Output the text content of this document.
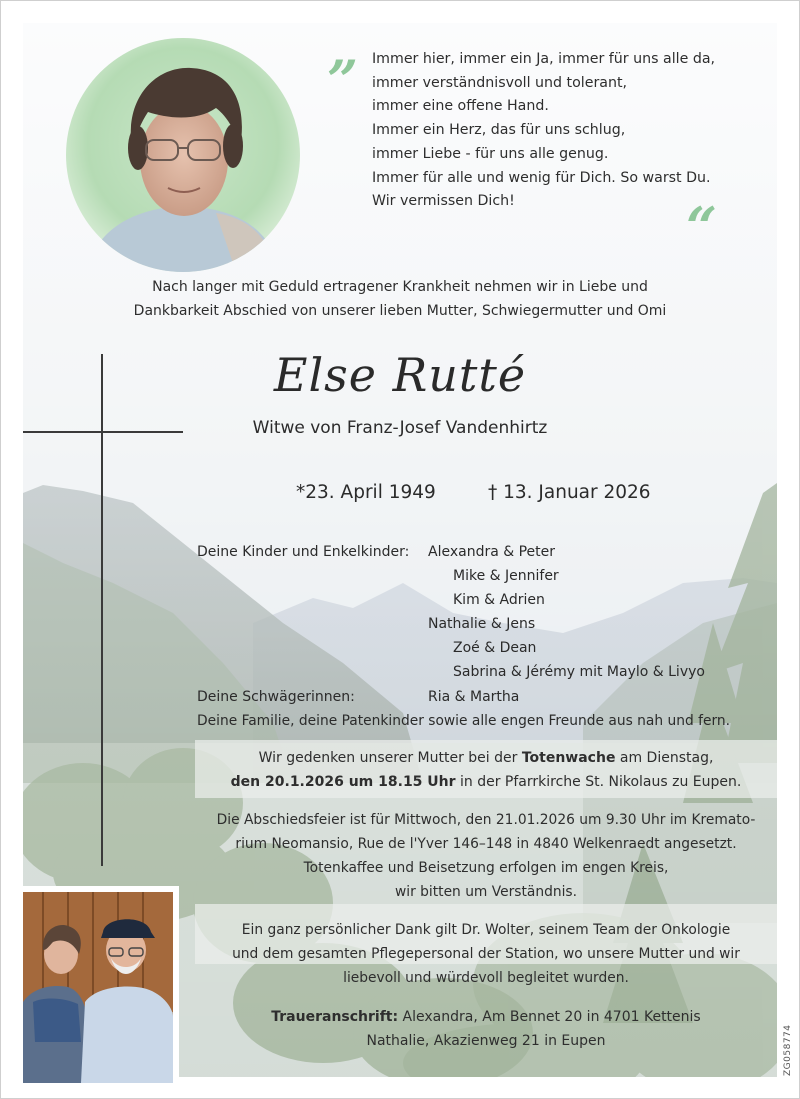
„
“
Immer hier, immer ein Ja, immer für uns alle da,
immer verständnisvoll und tolerant,
immer eine offene Hand.
Immer ein Herz, das für uns schlug,
immer Liebe - für uns alle genug.
Immer für alle und wenig für Dich. So warst Du.
Wir vermissen Dich!
Nach langer mit Geduld ertragener Krankheit nehmen wir in Liebe und
Dankbarkeit Abschied von unserer lieben Mutter, Schwiegermutter und Omi
Else Rutté
Witwe von Franz-Josef Vandenhirtz
*23. April 1949	† 13. Januar 2026
Deine Kinder und Enkelkinder: Alexandra & Peter
Mike & Jennifer
Kim & Adrien
Nathalie & Jens
Zoé & Dean
Sabrina & Jérémy mit Maylo & Livyo
Deine Schwägerinnen:	Ria & Martha
Deine Familie, deine Patenkinder sowie alle engen Freunde aus nah und fern.
Wir gedenken unserer Mutter bei der Totenwache am Dienstag,
den 20.1.2026 um 18.15 Uhr in der Pfarrkirche St. Nikolaus zu Eupen.
Die Abschiedsfeier ist für Mittwoch, den 21.01.2026 um 9.30 Uhr im Kremato-
rium Neomansio, Rue de l'Yver 146–148 in 4840 Welkenraedt angesetzt.
Totenkaffee und Beisetzung erfolgen im engen Kreis,
wir bitten um Verständnis.
Ein ganz persönlicher Dank gilt Dr. Wolter, seinem Team der Onkologie
und dem gesamten Pflegepersonal der Station, wo unsere Mutter und wir
liebevoll und würdevoll begleitet wurden.
Traueranschrift: Alexandra, Am Bennet 20 in 4701 Kettenis
Nathalie, Akazienweg 21 in Eupen	ZG058774
